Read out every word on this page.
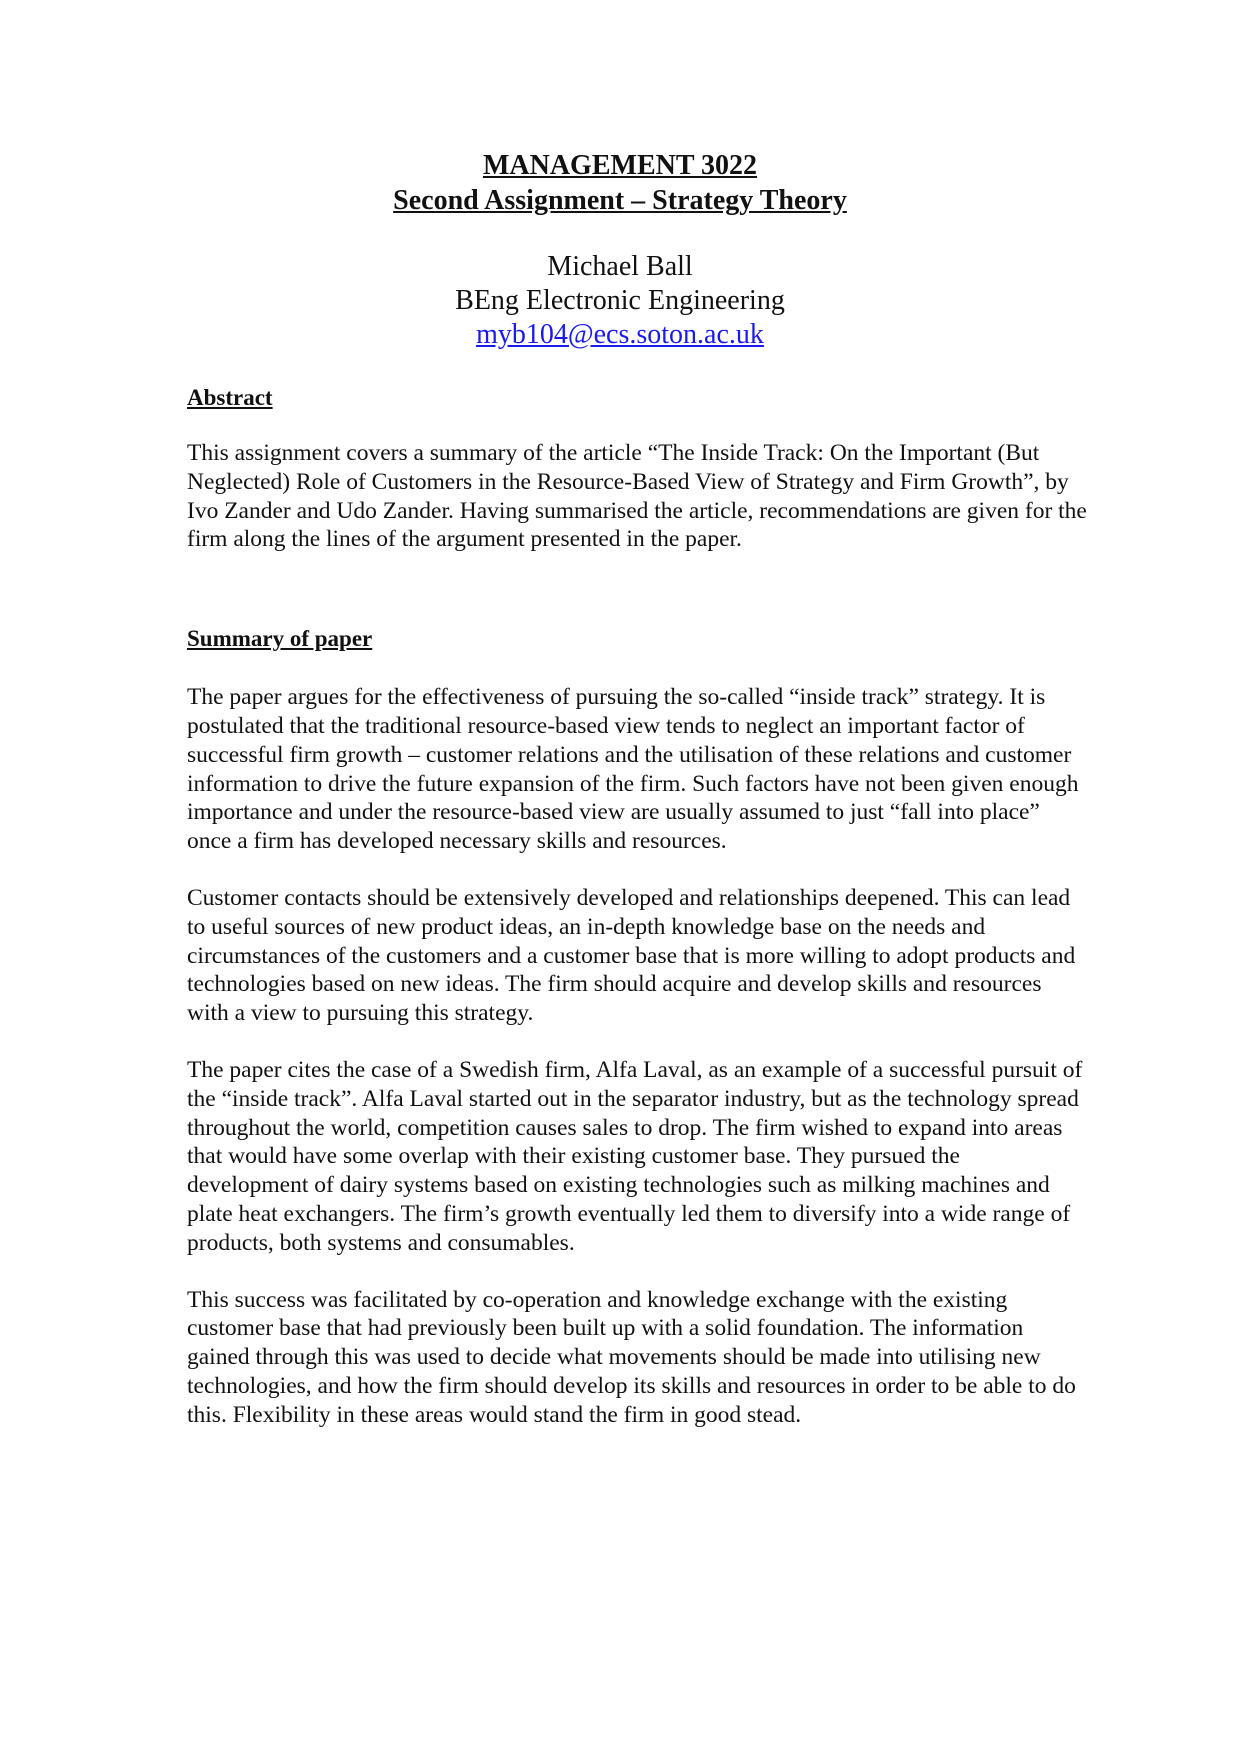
MANAGEMENT 3022
Second Assignment – Strategy Theory
Michael Ball
BEng Electronic Engineering
myb104@ecs.soton.ac.uk
Abstract

This assignment covers a summary of the article “The Inside Track: On the Important (But Neglected) Role of Customers in the Resource-Based View of Strategy and Firm Growth”, by Ivo Zander and Udo Zander. Having summarised the article, recommendations are given for the firm along the lines of the argument presented in the paper.

Summary of paper

The paper argues for the effectiveness of pursuing the so-called “inside track” strategy. It is postulated that the traditional resource-based view tends to neglect an important factor of successful firm growth – customer relations and the utilisation of these relations and customer information to drive the future expansion of the firm. Such factors have not been given enough importance and under the resource-based view are usually assumed to just “fall into place” once a firm has developed necessary skills and resources.

Customer contacts should be extensively developed and relationships deepened. This can lead to useful sources of new product ideas, an in-depth knowledge base on the needs and circumstances of the customers and a customer base that is more willing to adopt products and technologies based on new ideas. The firm should acquire and develop skills and resources with a view to pursuing this strategy.

The paper cites the case of a Swedish firm, Alfa Laval, as an example of a successful pursuit of the “inside track”. Alfa Laval started out in the separator industry, but as the technology spread throughout the world, competition causes sales to drop. The firm wished to expand into areas that would have some overlap with their existing customer base. They pursued the development of dairy systems based on existing technologies such as milking machines and plate heat exchangers. The firm’s growth eventually led them to diversify into a wide range of products, both systems and consumables.

This success was facilitated by co-operation and knowledge exchange with the existing customer base that had previously been built up with a solid foundation. The information gained through this was used to decide what movements should be made into utilising new technologies, and how the firm should develop its skills and resources in order to be able to do this. Flexibility in these areas would stand the firm in good stead.
